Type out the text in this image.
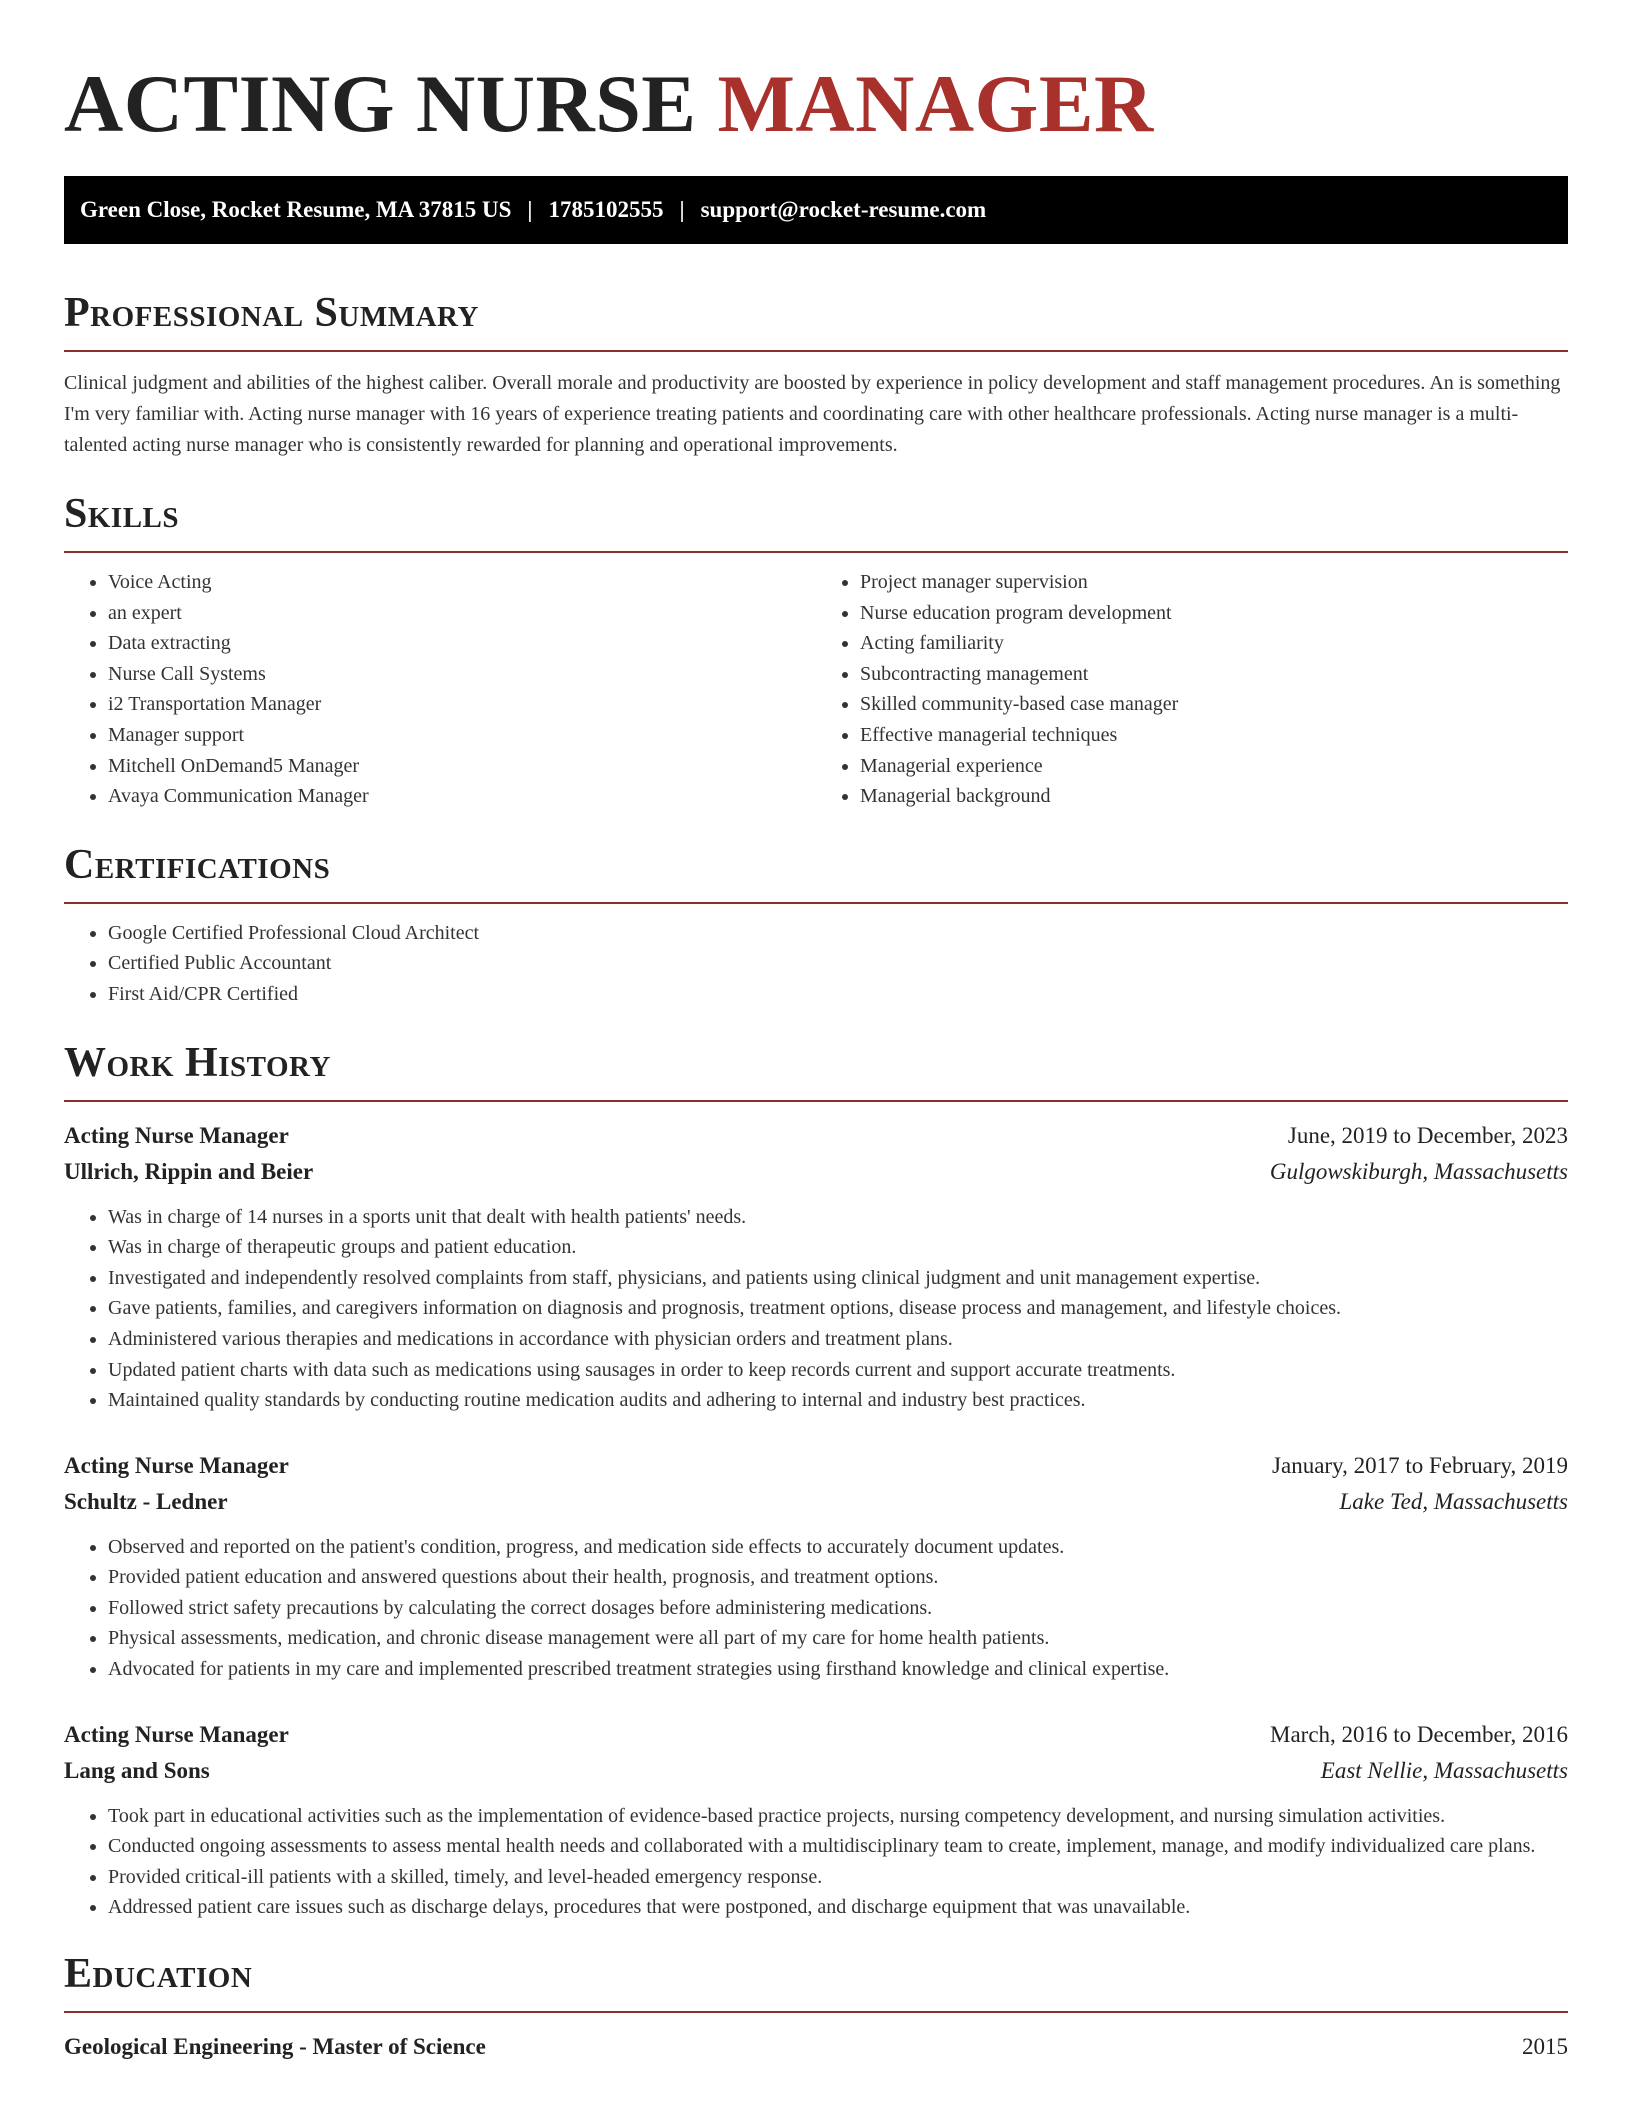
ACTING NURSE MANAGER
Green Close, Rocket Resume, MA 37815 US | 1785102555 | support@rocket-resume.com
Professional Summary

Clinical judgment and abilities of the highest caliber. Overall morale and productivity are boosted by experience in policy development and staff management procedures. An is something I'm very familiar with. Acting nurse manager with 16 years of experience treating patients and coordinating care with other healthcare professionals. Acting nurse manager is a multi-talented acting nurse manager who is consistently rewarded for planning and operational improvements.

Skills
• Voice Acting
• an expert
• Data extracting
• Nurse Call Systems
• i2 Transportation Manager
• Manager support
• Mitchell OnDemand5 Manager
• Avaya Communication Manager
• Project manager supervision
• Nurse education program development
• Acting familiarity
• Subcontracting management
• Skilled community-based case manager
• Effective managerial techniques
• Managerial experience
• Managerial background
Certifications
• Google Certified Professional Cloud Architect
• Certified Public Accountant
• First Aid/CPR Certified
Work History
Acting Nurse Manager	June, 2019 to December, 2023
Ullrich, Rippin and Beier	Gulgowskiburgh, Massachusetts
• Was in charge of 14 nurses in a sports unit that dealt with health patients' needs.
• Was in charge of therapeutic groups and patient education.
• Investigated and independently resolved complaints from staff, physicians, and patients using clinical judgment and unit management expertise.
• Gave patients, families, and caregivers information on diagnosis and prognosis, treatment options, disease process and management, and lifestyle choices.
• Administered various therapies and medications in accordance with physician orders and treatment plans.
• Updated patient charts with data such as medications using sausages in order to keep records current and support accurate treatments.
• Maintained quality standards by conducting routine medication audits and adhering to internal and industry best practices.
Acting Nurse Manager	January, 2017 to February, 2019
Schultz - Ledner	Lake Ted, Massachusetts
• Observed and reported on the patient's condition, progress, and medication side effects to accurately document updates.
• Provided patient education and answered questions about their health, prognosis, and treatment options.
• Followed strict safety precautions by calculating the correct dosages before administering medications.
• Physical assessments, medication, and chronic disease management were all part of my care for home health patients.
• Advocated for patients in my care and implemented prescribed treatment strategies using firsthand knowledge and clinical expertise.
Acting Nurse Manager	March, 2016 to December, 2016
Lang and Sons	East Nellie, Massachusetts
• Took part in educational activities such as the implementation of evidence-based practice projects, nursing competency development, and nursing simulation activities.
• Conducted ongoing assessments to assess mental health needs and collaborated with a multidisciplinary team to create, implement, manage, and modify individualized care plans.
• Provided critical-ill patients with a skilled, timely, and level-headed emergency response.
• Addressed patient care issues such as discharge delays, procedures that were postponed, and discharge equipment that was unavailable.
Education
Geological Engineering - Master of Science	2015
